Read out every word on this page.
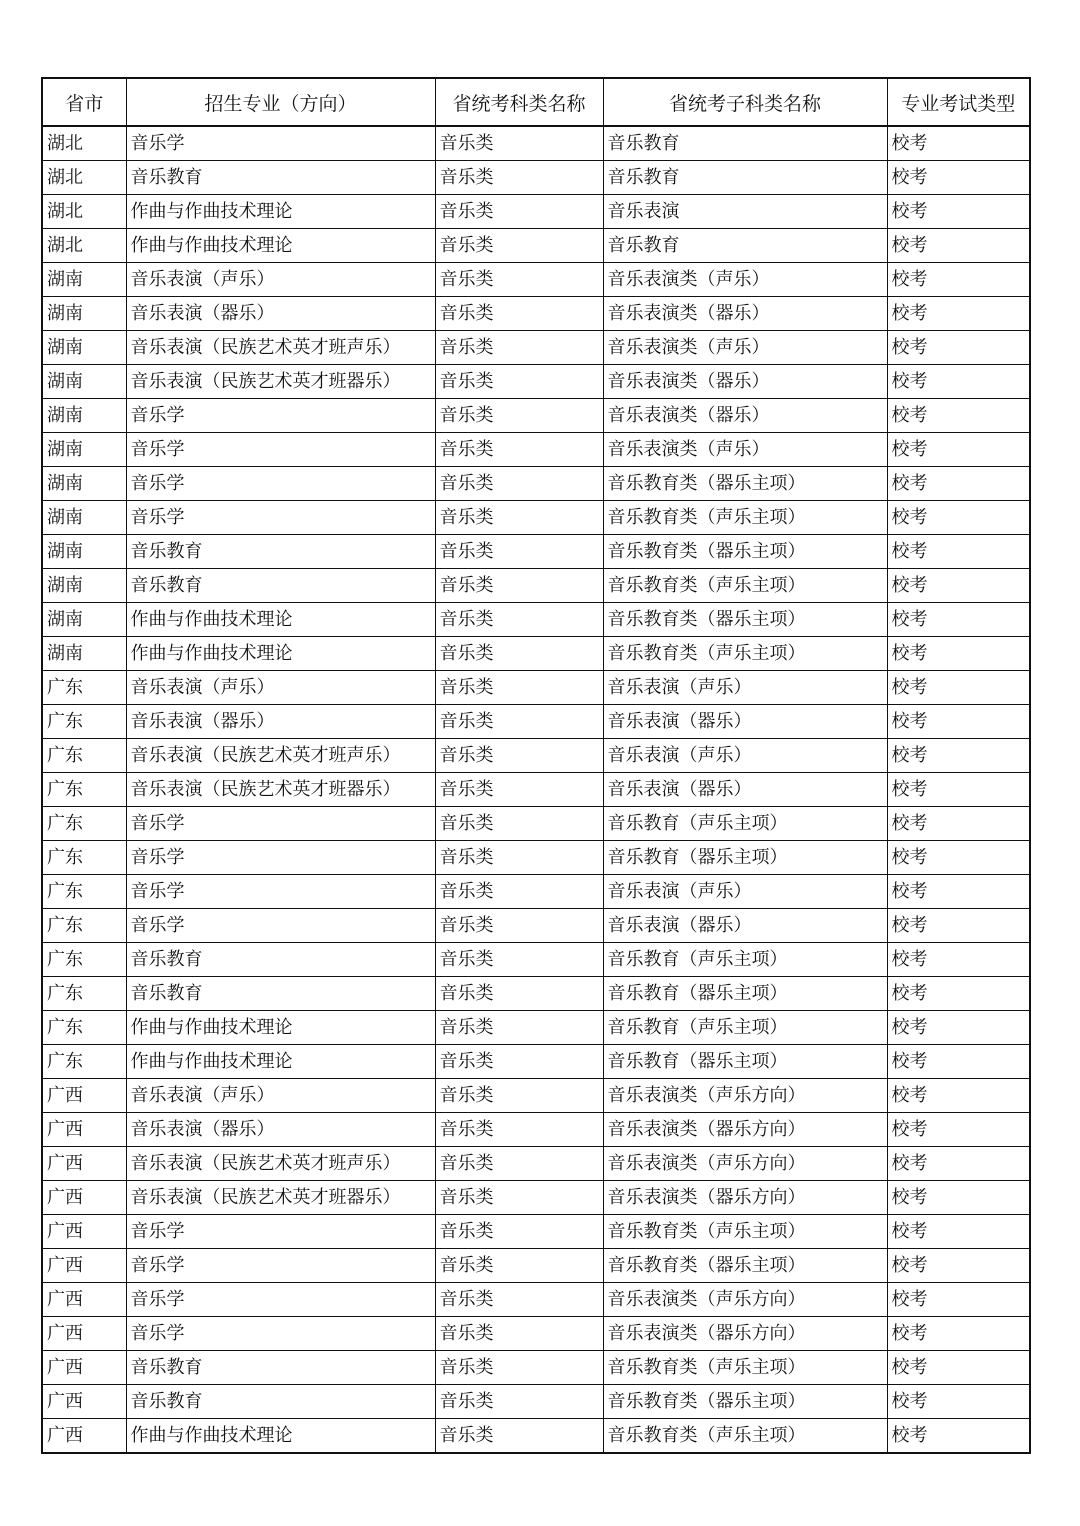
省市	招生专业（方向）	省统考科类名称	省统考子科类名称	专业考试类型
湖北	音乐学	音乐类	音乐教育	校考
湖北	音乐教育	音乐类	音乐教育	校考
湖北	作曲与作曲技术理论	音乐类	音乐表演	校考
湖北	作曲与作曲技术理论	音乐类	音乐教育	校考
湖南	音乐表演（声乐）	音乐类	音乐表演类（声乐）	校考
湖南	音乐表演（器乐）	音乐类	音乐表演类（器乐）	校考
湖南	音乐表演（民族艺术英才班声乐）	音乐类	音乐表演类（声乐）	校考
湖南	音乐表演（民族艺术英才班器乐）	音乐类	音乐表演类（器乐）	校考
湖南	音乐学	音乐类	音乐表演类（器乐）	校考
湖南	音乐学	音乐类	音乐表演类（声乐）	校考
湖南	音乐学	音乐类	音乐教育类（器乐主项）	校考
湖南	音乐学	音乐类	音乐教育类（声乐主项）	校考
湖南	音乐教育	音乐类	音乐教育类（器乐主项）	校考
湖南	音乐教育	音乐类	音乐教育类（声乐主项）	校考
湖南	作曲与作曲技术理论	音乐类	音乐教育类（器乐主项）	校考
湖南	作曲与作曲技术理论	音乐类	音乐教育类（声乐主项）	校考
广东	音乐表演（声乐）	音乐类	音乐表演（声乐）	校考
广东	音乐表演（器乐）	音乐类	音乐表演（器乐）	校考
广东	音乐表演（民族艺术英才班声乐）	音乐类	音乐表演（声乐）	校考
广东	音乐表演（民族艺术英才班器乐）	音乐类	音乐表演（器乐）	校考
广东	音乐学	音乐类	音乐教育（声乐主项）	校考
广东	音乐学	音乐类	音乐教育（器乐主项）	校考
广东	音乐学	音乐类	音乐表演（声乐）	校考
广东	音乐学	音乐类	音乐表演（器乐）	校考
广东	音乐教育	音乐类	音乐教育（声乐主项）	校考
广东	音乐教育	音乐类	音乐教育（器乐主项）	校考
广东	作曲与作曲技术理论	音乐类	音乐教育（声乐主项）	校考
广东	作曲与作曲技术理论	音乐类	音乐教育（器乐主项）	校考
广西	音乐表演（声乐）	音乐类	音乐表演类（声乐方向）	校考
广西	音乐表演（器乐）	音乐类	音乐表演类（器乐方向）	校考
广西	音乐表演（民族艺术英才班声乐）	音乐类	音乐表演类（声乐方向）	校考
广西	音乐表演（民族艺术英才班器乐）	音乐类	音乐表演类（器乐方向）	校考
广西	音乐学	音乐类	音乐教育类（声乐主项）	校考
广西	音乐学	音乐类	音乐教育类（器乐主项）	校考
广西	音乐学	音乐类	音乐表演类（声乐方向）	校考
广西	音乐学	音乐类	音乐表演类（器乐方向）	校考
广西	音乐教育	音乐类	音乐教育类（声乐主项）	校考
广西	音乐教育	音乐类	音乐教育类（器乐主项）	校考
广西	作曲与作曲技术理论	音乐类	音乐教育类（声乐主项）	校考
